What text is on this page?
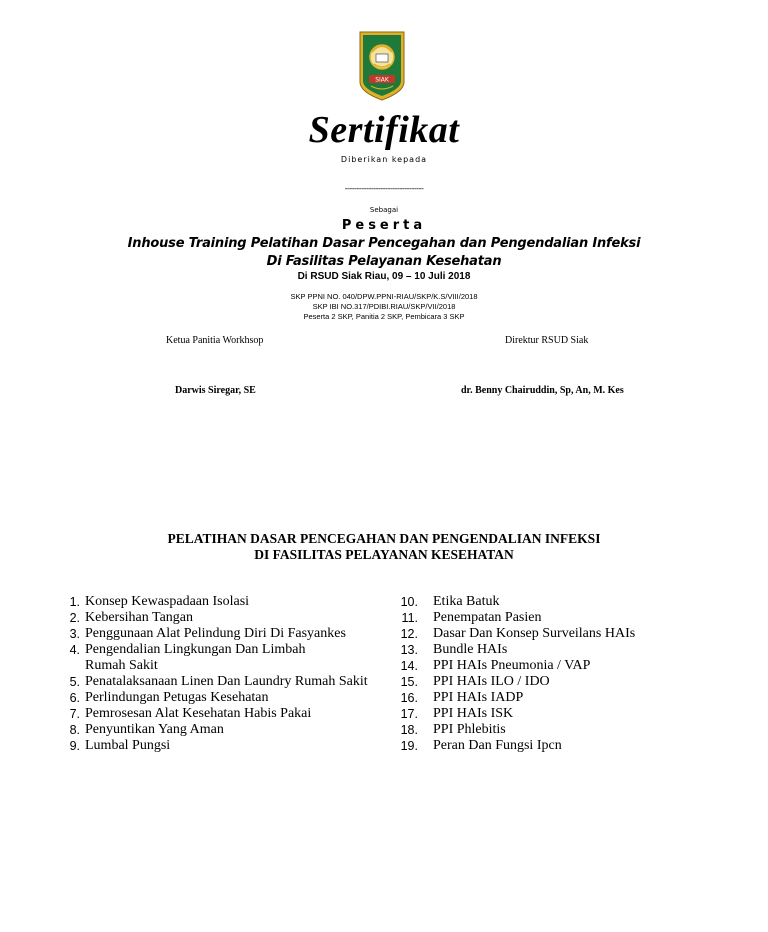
SIAK
Sertifikat
Diberikan kepada
---------------------------------
Sebagai
Peserta
Inhouse Training Pelatihan Dasar Pencegahan dan Pengendalian Infeksi
Di Fasilitas Pelayanan Kesehatan
Di RSUD Siak Riau, 09 – 10 Juli 2018
SKP PPNI NO. 040/DPW.PPNI-RIAU/SKP/K.S/VIII/2018
SKP IBI NO.317/PDIBI.RIAU/SKP/VII/2018
Peserta 2 SKP, Panitia 2 SKP, Pembicara 3 SKP
Ketua Panitia Workhsop	Direktur RSUD Siak
Darwis Siregar, SE	dr. Benny Chairuddin, Sp, An, M. Kes
PELATIHAN DASAR PENCEGAHAN DAN PENGENDALIAN INFEKSI
DI FASILITAS PELAYANAN KESEHATAN
1. Konsep Kewaspadaan Isolasi
2. Kebersihan Tangan
3. Penggunaan Alat Pelindung Diri Di Fasyankes
4. Pengendalian Lingkungan Dan Limbah Rumah Sakit
5. Penatalaksanaan Linen Dan Laundry Rumah Sakit
6. Perlindungan Petugas Kesehatan
7. Pemrosesan Alat Kesehatan Habis Pakai
8. Penyuntikan Yang Aman
9. Lumbal Pungsi
10. Etika Batuk
11. Penempatan Pasien
12. Dasar Dan Konsep Surveilans HAIs
13. Bundle HAIs
14. PPI HAIs Pneumonia / VAP
15. PPI HAIs ILO / IDO
16. PPI HAIs IADP
17. PPI HAIs ISK
18. PPI Phlebitis
19. Peran Dan Fungsi Ipcn
